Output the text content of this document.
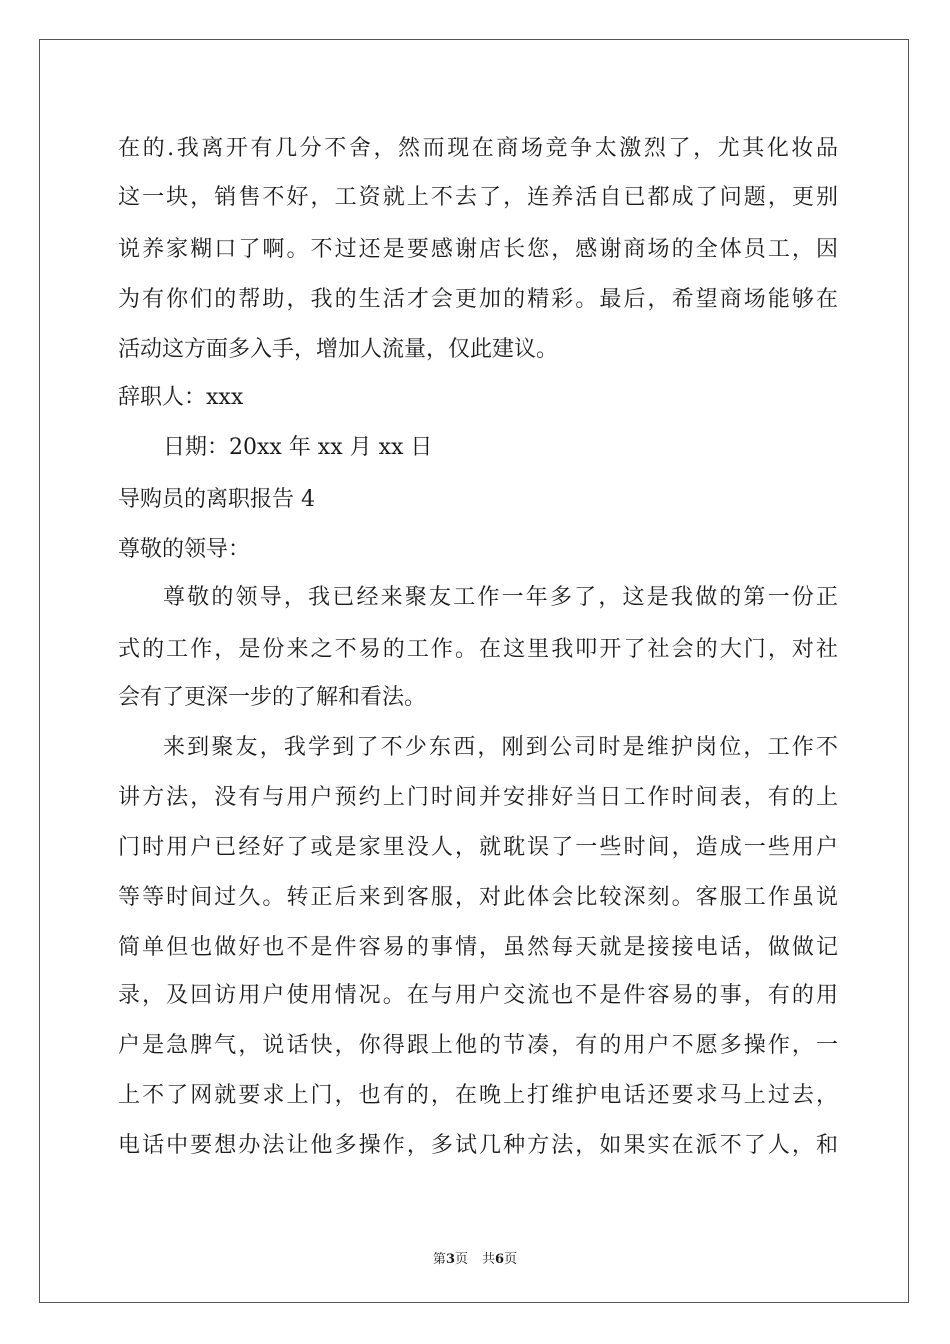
在的.我离开有几分不舍，然而现在商场竞争太激烈了，尤其化妆品
这一块，销售不好，工资就上不去了，连养活自已都成了问题，更别
说养家糊口了啊。不过还是要感谢店长您，感谢商场的全体员工，因
为有你们的帮助，我的生活才会更加的精彩。最后，希望商场能够在
活动这方面多入手，增加人流量，仅此建议。
辞职人：xxx
日期：20xx 年 xx 月 xx 日
导购员的离职报告 4
尊敬的领导：
尊敬的领导，我已经来聚友工作一年多了，这是我做的第一份正
式的工作，是份来之不易的工作。在这里我叩开了社会的大门，对社
会有了更深一步的了解和看法。
来到聚友，我学到了不少东西，刚到公司时是维护岗位，工作不
讲方法，没有与用户预约上门时间并安排好当日工作时间表，有的上
门时用户已经好了或是家里没人，就耽误了一些时间，造成一些用户
等等时间过久。转正后来到客服，对此体会比较深刻。客服工作虽说
简单但也做好也不是件容易的事情，虽然每天就是接接电话，做做记
录，及回访用户使用情况。在与用户交流也不是件容易的事，有的用
户是急脾气，说话快，你得跟上他的节凑，有的用户不愿多操作，一
上不了网就要求上门，也有的，在晚上打维护电话还要求马上过去，
电话中要想办法让他多操作，多试几种方法，如果实在派不了人，和
第3页 共6页
